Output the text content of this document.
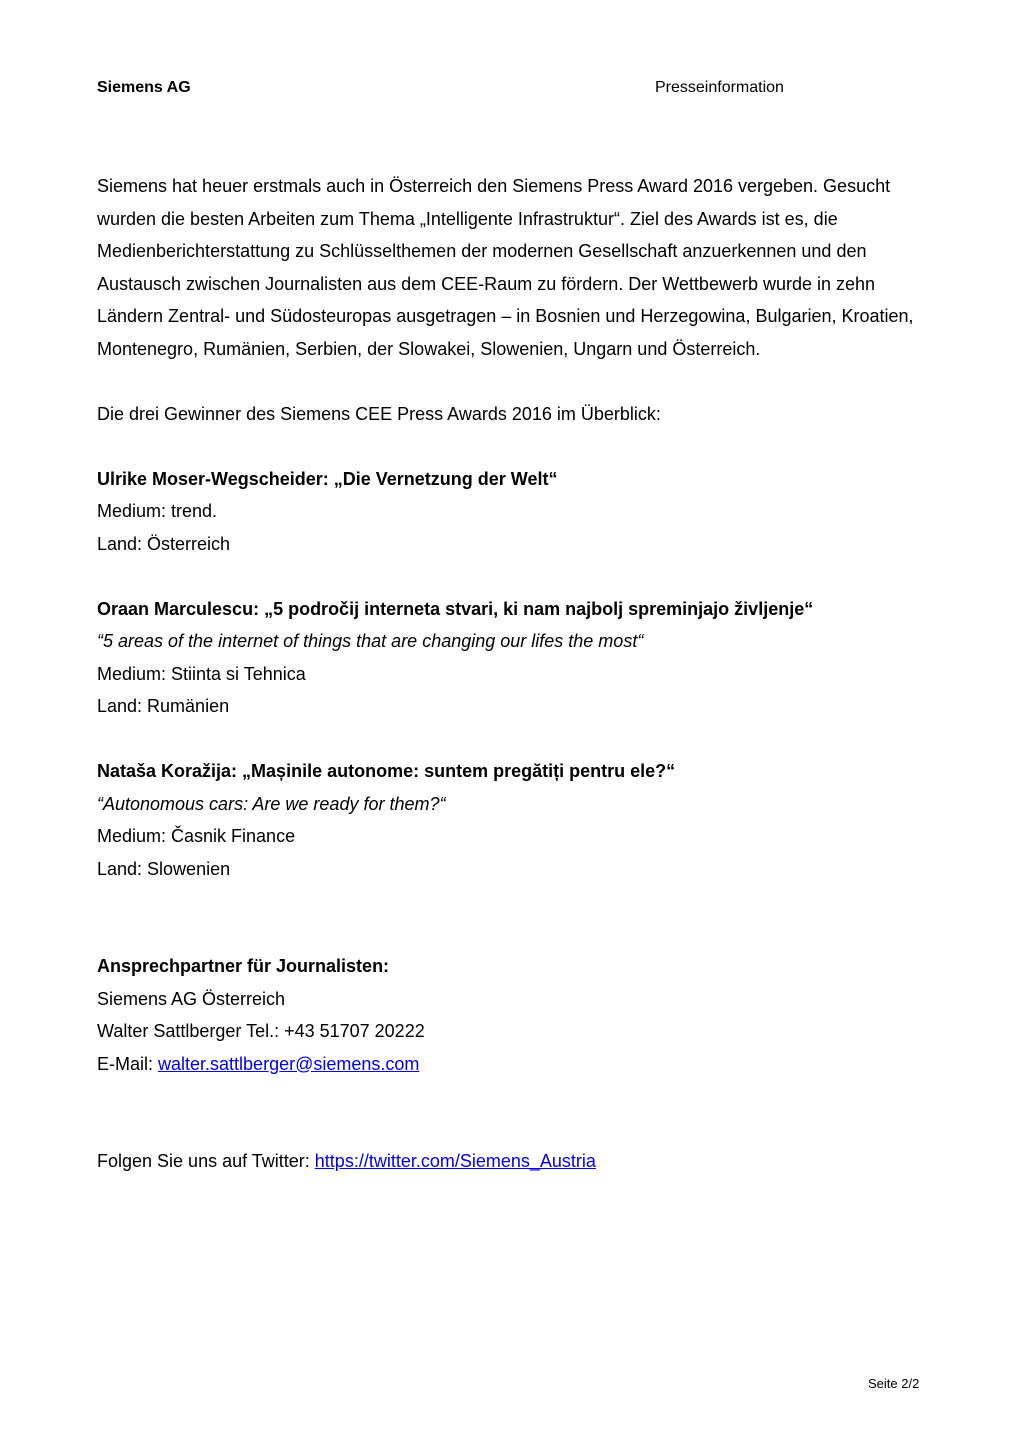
Siemens AG	Presseinformation

Siemens hat heuer erstmals auch in Österreich den Siemens Press Award 2016 vergeben. Gesucht wurden die besten Arbeiten zum Thema „Intelligente Infrastruktur“. Ziel des Awards ist es, die Medienberichterstattung zu Schlüsselthemen der modernen Gesellschaft anzuerkennen und den Austausch zwischen Journalisten aus dem CEE-Raum zu fördern. Der Wettbewerb wurde in zehn Ländern Zentral- und Südosteuropas ausgetragen – in Bosnien und Herzegowina, Bulgarien, Kroatien, Montenegro, Rumänien, Serbien, der Slowakei, Slowenien, Ungarn und Österreich.

Die drei Gewinner des Siemens CEE Press Awards 2016 im Überblick:

Ulrike Moser-Wegscheider: „Die Vernetzung der Welt“

Medium: trend.

Land: Österreich

Oraan Marculescu: „5 področij interneta stvari, ki nam najbolj spreminjajo življenje“

“5 areas of the internet of things that are changing our lifes the most“

Medium: Stiinta si Tehnica

Land: Rumänien

Nataša Koražija: „Mașinile autonome: suntem pregătiți pentru ele?“

“Autonomous cars: Are we ready for them?“

Medium: Časnik Finance

Land: Slowenien

Ansprechpartner für Journalisten:

Siemens AG Österreich

Walter Sattlberger Tel.: +43 51707 20222

E-Mail: walter.sattlberger@siemens.com

Folgen Sie uns auf Twitter: https://twitter.com/Siemens_Austria

Seite 2/2
